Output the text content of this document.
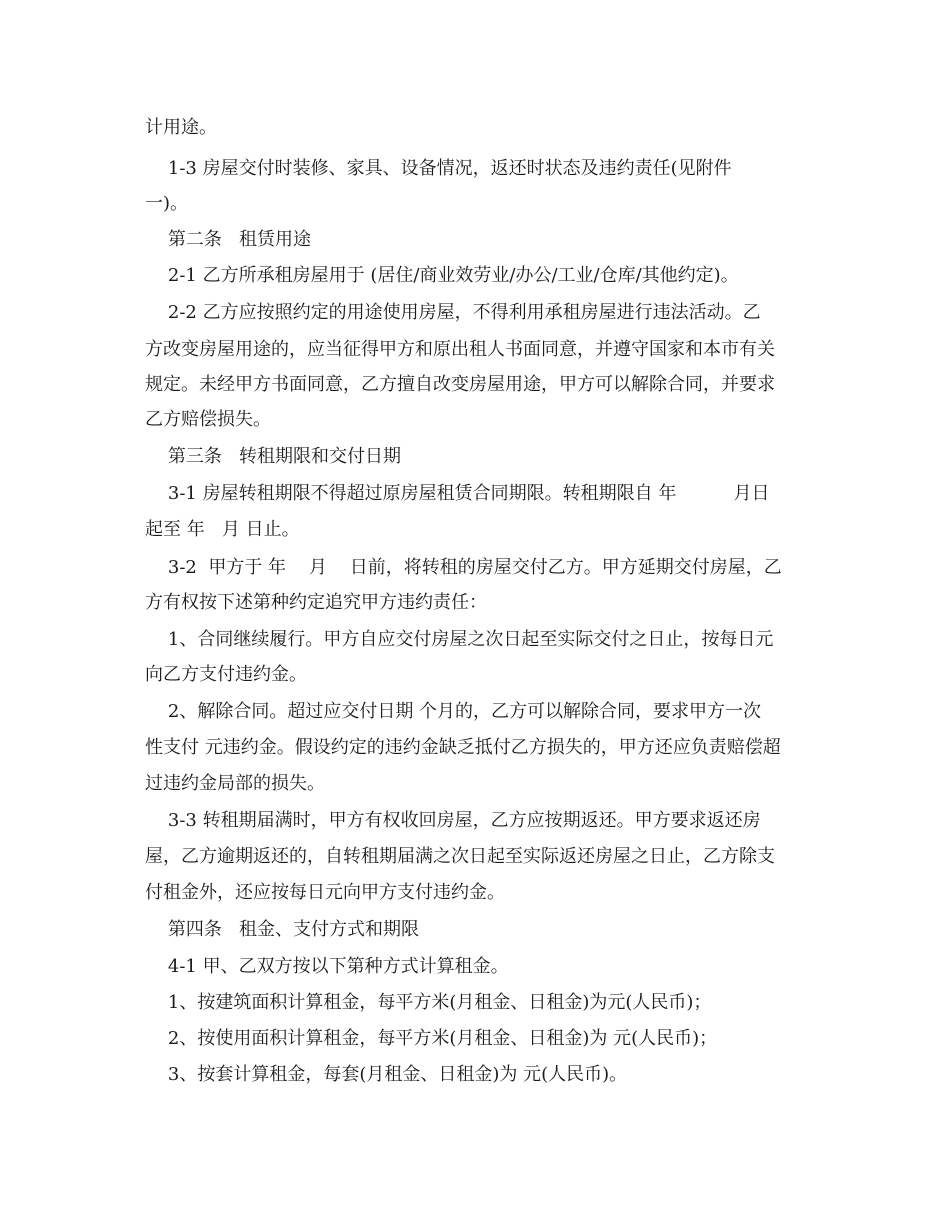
计用途。
1-3 房屋交付时装修、家具、设备情况，返还时状态及违约责任(见附件
一)。
第二条   租赁用途
2-1 乙方所承租房屋用于 (居住/商业效劳业/办公/工业/仓库/其他约定)。
2-2 乙方应按照约定的用途使用房屋，不得利用承租房屋进行违法活动。乙
方改变房屋用途的，应当征得甲方和原出租人书面同意，并遵守国家和本市有关
规定。未经甲方书面同意，乙方擅自改变房屋用途，甲方可以解除合同，并要求
乙方赔偿损失。
第三条   转租期限和交付日期
3-1 房屋转租期限不得超过原房屋租赁合同期限。转租期限自 年          月日
起至 年   月 日止。
3-2  甲方于 年    月    日前，将转租的房屋交付乙方。甲方延期交付房屋，乙
方有权按下述第种约定追究甲方违约责任：
1、合同继续履行。甲方自应交付房屋之次日起至实际交付之日止，按每日元
向乙方支付违约金。
2、解除合同。超过应交付日期 个月的，乙方可以解除合同，要求甲方一次
性支付 元违约金。假设约定的违约金缺乏抵付乙方损失的，甲方还应负责赔偿超
过违约金局部的损失。
3-3 转租期届满时，甲方有权收回房屋，乙方应按期返还。甲方要求返还房
屋，乙方逾期返还的，自转租期届满之次日起至实际返还房屋之日止，乙方除支
付租金外，还应按每日元向甲方支付违约金。
第四条   租金、支付方式和期限
4-1 甲、乙双方按以下第种方式计算租金。
1、按建筑面积计算租金，每平方米(月租金、日租金)为元(人民币)；
2、按使用面积计算租金，每平方米(月租金、日租金)为 元(人民币)；
3、按套计算租金，每套(月租金、日租金)为 元(人民币)。
